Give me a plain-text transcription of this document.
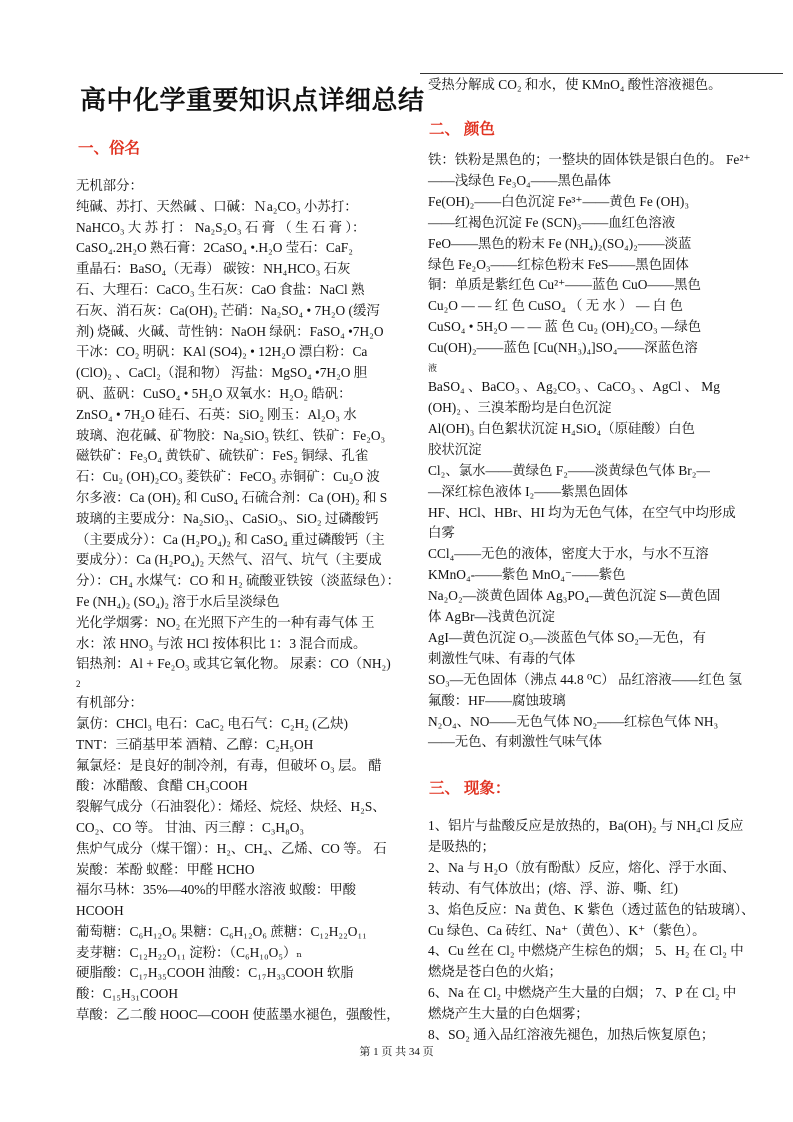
高中化学重要知识点详细总结
一、俗名
无机部分：
纯碱、苏打、天然碱 、口碱：Ｎa₂CO₃ 小苏打：
NaHCO₃ 大 苏 打 ： Na₂S₂O₃ 石 膏 （ 生 石 膏 ）：
CaSO₄.2H₂O 熟石膏：2CaSO₄ •.H₂O 莹石：CaF₂
重晶石：BaSO₄（无毒） 碳铵：NH₄HCO₃ 石灰
石、大理石：CaCO₃ 生石灰：CaO 食盐：NaCl 熟
石灰、消石灰：Ca(OH)₂ 芒硝：Na₂SO₄ • 7H₂O (缓泻
剂) 烧碱、火碱、苛性钠：NaOH 绿矾：FaSO₄ •7H₂O
干冰：CO₂ 明矾：KAl (SO4)₂ • 12H₂O 漂白粉：Ca
(ClO)₂ 、CaCl₂（混和物） 泻盐：MgSO₄ •7H₂O 胆
矾、蓝矾：CuSO₄ • 5H₂O 双氧水：H₂O₂ 皓矾：
ZnSO₄ • 7H₂O 硅石、石英：SiO₂ 刚玉：Al₂O₃ 水
玻璃、泡花碱、矿物胶：Na₂SiO₃ 铁红、铁矿：Fe₂O₃
磁铁矿：Fe₃O₄ 黄铁矿、硫铁矿：FeS₂ 铜绿、孔雀
石：Cu₂ (OH)₂CO₃ 菱铁矿：FeCO₃ 赤铜矿：Cu₂O 波
尔多液：Ca (OH)₂ 和 CuSO₄ 石硫合剂：Ca (OH)₂ 和 S
玻璃的主要成分：Na₂SiO₃、CaSiO₃、SiO₂ 过磷酸钙
（主要成分）：Ca (H₂PO₄)₂ 和 CaSO₄ 重过磷酸钙（主
要成分）：Ca (H₂PO₄)₂ 天然气、沼气、坑气（主要成
分）：CH₄ 水煤气：CO 和 H₂ 硫酸亚铁铵（淡蓝绿色）：
Fe (NH₄)₂ (SO₄)₂ 溶于水后呈淡绿色
光化学烟雾：NO₂ 在光照下产生的一种有毒气体 王
水：浓 HNO₃ 与浓 HCl 按体积比 1：3 混合而成。
铝热剂：Al + Fe₂O₃ 或其它氧化物。 尿素：CO（NH₂)
2
有机部分：
氯仿：CHCl₃ 电石：CaC₂ 电石气：C₂H₂ (乙炔)
TNT：三硝基甲苯 酒精、乙醇：C₂H₅OH
氟氯烃：是良好的制冷剂，有毒，但破坏 O₃ 层。 醋
酸：冰醋酸、食醋 CH₃COOH
裂解气成分（石油裂化）：烯烃、烷烃、炔烃、H₂S、
CO₂、CO 等。 甘油、丙三醇 ：C₃H₈O₃
焦炉气成分（煤干馏）：H₂、CH₄、乙烯、CO 等。 石
炭酸：苯酚 蚁醛：甲醛 HCHO
福尔马林：35%—40%的甲醛水溶液 蚁酸：甲酸
HCOOH
葡萄糖：C₆H₁₂O₆ 果糖：C₆H₁₂O₆ 蔗糖：C₁₂H₂₂O₁₁
麦芽糖：C₁₂H₂₂O₁₁ 淀粉：（C₆H₁₀O₅）ₙ
硬脂酸：C₁₇H₃₅COOH 油酸：C₁₇H₃₃COOH 软脂
酸：C₁₅H₃₁COOH
草酸：乙二酸 HOOC—COOH 使蓝墨水褪色，强酸性，
受热分解成 CO₂ 和水，使 KMnO₄ 酸性溶液褪色。
二、 颜色
铁：铁粉是黑色的；一整块的固体铁是银白色的。 Fe²⁺
——浅绿色 Fe₃O₄——黑色晶体
Fe(OH)₂——白色沉淀 Fe³⁺——黄色 Fe (OH)₃
——红褐色沉淀 Fe (SCN)₃——血红色溶液
FeO——黑色的粉末 Fe (NH₄)₂(SO₄)₂——淡蓝
绿色 Fe₂O₃——红棕色粉末 FeS——黑色固体
铜：单质是紫红色 Cu²⁺——蓝色 CuO——黑色
Cu₂O — — 红 色 CuSO₄ （ 无 水 ） — 白 色
CuSO₄ • 5H₂O — — 蓝 色 Cu₂ (OH)₂CO₃ —绿色
Cu(OH)₂——蓝色 [Cu(NH₃)₄]SO₄——深蓝色溶
液
BaSO₄ 、BaCO₃ 、Ag₂CO₃ 、CaCO₃ 、AgCl 、 Mg
(OH)₂ 、三溴苯酚均是白色沉淀
Al(OH)₃ 白色絮状沉淀 H₄SiO₄（原硅酸）白色
胶状沉淀
Cl₂、氯水——黄绿色 F₂——淡黄绿色气体 Br₂—
—深红棕色液体 I₂——紫黑色固体
HF、HCl、HBr、HI 均为无色气体，在空气中均形成
白雾
CCl₄——无色的液体，密度大于水，与水不互溶
KMnO₄-——紫色 MnO₄⁻——紫色
Na₂O₂—淡黄色固体 Ag₃PO₄—黄色沉淀 S—黄色固
体 AgBr—浅黄色沉淀
AgI—黄色沉淀 O₃—淡蓝色气体 SO₂—无色，有
刺激性气味、有毒的气体
SO₃—无色固体（沸点 44.8 ⁰C） 品红溶液——红色 氢
氟酸：HF——腐蚀玻璃
N₂O₄、NO——无色气体 NO₂——红棕色气体 NH₃
——无色、有刺激性气味气体
三、 现象：
1、铝片与盐酸反应是放热的，Ba(OH)₂ 与 NH₄Cl 反应
是吸热的；
2、Na 与 H₂O（放有酚酞）反应，熔化、浮于水面、
转动、有气体放出；(熔、浮、游、嘶、红)
3、焰色反应：Na 黄色、K 紫色（透过蓝色的钴玻璃）、
Cu 绿色、Ca 砖红、Na⁺（黄色）、K⁺（紫色）。
4、Cu 丝在 Cl₂ 中燃烧产生棕色的烟； 5、H₂ 在 Cl₂ 中
燃烧是苍白色的火焰；
6、Na 在 Cl₂ 中燃烧产生大量的白烟； 7、P 在 Cl₂ 中
燃烧产生大量的白色烟雾；
8、SO₂ 通入品红溶液先褪色，加热后恢复原色；
第 1 页 共 34 页
